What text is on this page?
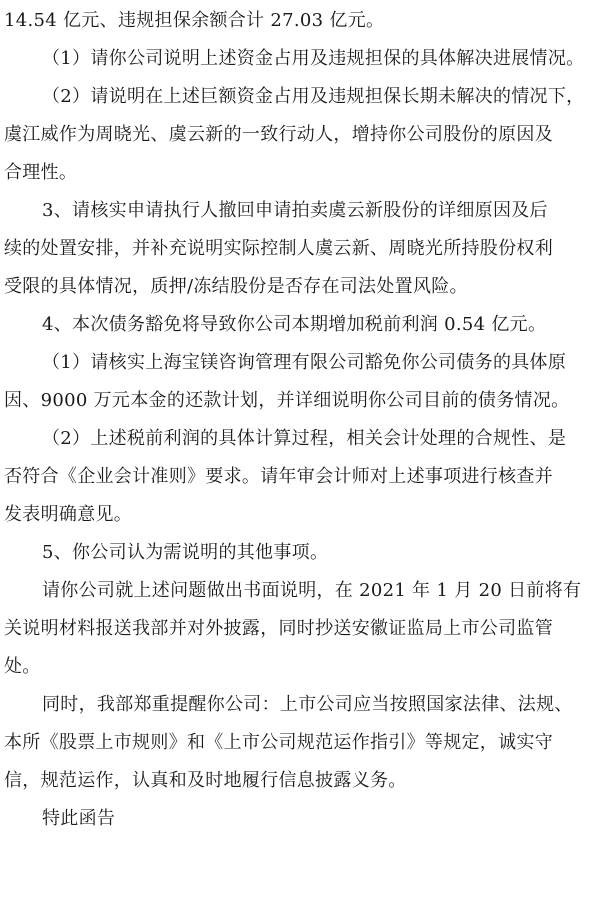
14.54 亿元、违规担保余额合计 27.03 亿元。

（1）请你公司说明上述资金占用及违规担保的具体解决进展情况。

（2）请说明在上述巨额资金占用及违规担保长期未解决的情况下，
虞江威作为周晓光、虞云新的一致行动人，增持你公司股份的原因及
合理性。

3、请核实申请执行人撤回申请拍卖虞云新股份的详细原因及后
续的处置安排，并补充说明实际控制人虞云新、周晓光所持股份权利
受限的具体情况，质押/冻结股份是否存在司法处置风险。

4、本次债务豁免将导致你公司本期增加税前利润 0.54 亿元。

（1）请核实上海宝镁咨询管理有限公司豁免你公司债务的具体原
因、9000 万元本金的还款计划，并详细说明你公司目前的债务情况。

（2）上述税前利润的具体计算过程，相关会计处理的合规性、是
否符合《企业会计准则》要求。请年审会计师对上述事项进行核查并
发表明确意见。

5、你公司认为需说明的其他事项。

请你公司就上述问题做出书面说明，在 2021 年 1 月 20 日前将有
关说明材料报送我部并对外披露，同时抄送安徽证监局上市公司监管
处。

同时，我部郑重提醒你公司：上市公司应当按照国家法律、法规、
本所《股票上市规则》和《上市公司规范运作指引》等规定，诚实守
信，规范运作，认真和及时地履行信息披露义务。

特此函告
